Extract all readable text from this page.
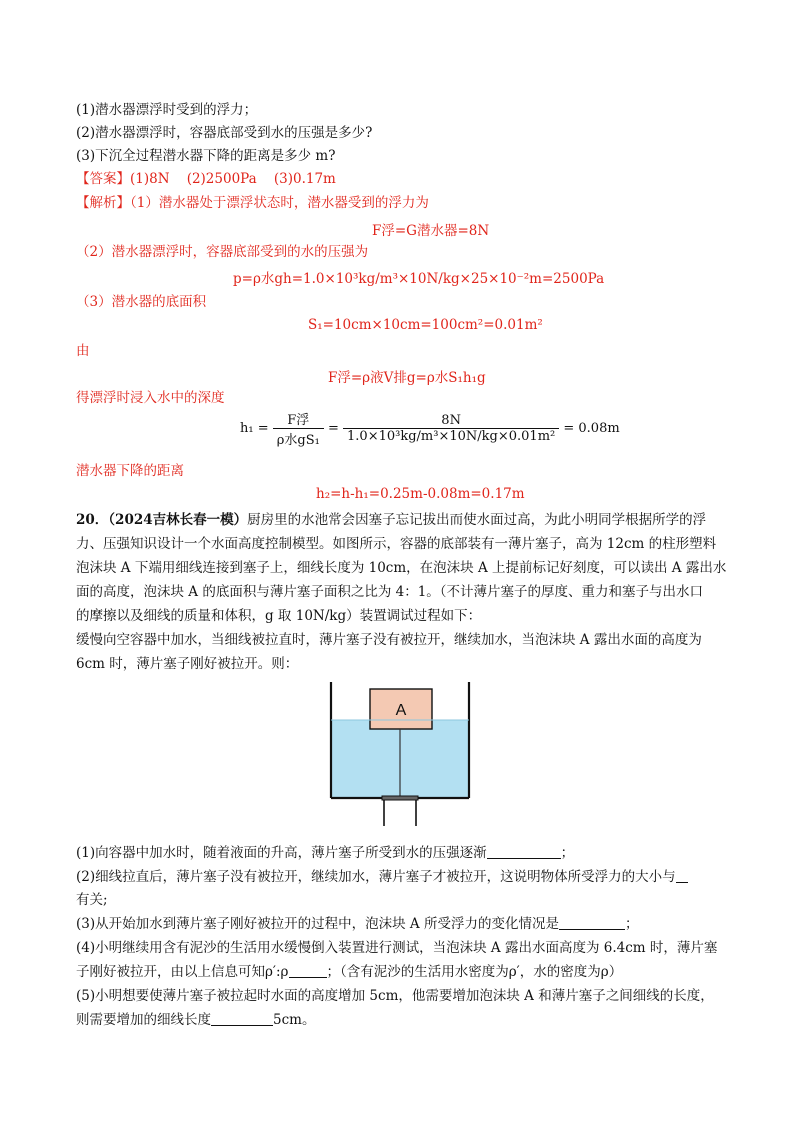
(1)潜水器漂浮时受到的浮力；
(2)潜水器漂浮时，容器底部受到水的压强是多少?
(3)下沉全过程潜水器下降的距离是多少 m?
【答案】(1)8N    (2)2500Pa    (3)0.17m
【解析】（1）潜水器处于漂浮状态时，潜水器受到的浮力为
F浮=G潜水器=8N
（2）潜水器漂浮时，容器底部受到的水的压强为
p=ρ水gh=1.0×10³kg/m³×10N/kg×25×10⁻²m=2500Pa
（3）潜水器的底面积
S₁=10cm×10cm=100cm²=0.01m²
由
F浮=ρ液V排g=ρ水S₁h₁g
得漂浮时浸入水中的深度
$h_1 = \frac{\text{F浮}}{\text{ρ水gS₁}} = \frac{8N}{\text{1.0×10³kg/m³×10N/kg×0.01m²}} = 0.08m$
潜水器下降的距离
h₂=h-h₁=0.25m-0.08m=0.17m
20．（2024吉林长春一模）厨房里的水池常会因塞子忘记拔出而使水面过高，为此小明同学根据所学的浮
力、压强知识设计一个水面高度控制模型。如图所示，容器的底部装有一薄片塞子，高为 12cm 的柱形塑料
泡沫块 A 下端用细线连接到塞子上，细线长度为 10cm，在泡沫块 A 上提前标记好刻度，可以读出 A 露出水
面的高度，泡沫块 A 的底面积与薄片塞子面积之比为 4：1。（不计薄片塞子的厚度、重力和塞子与出水口
的摩擦以及细线的质量和体积，g 取 10N/kg）装置调试过程如下：
缓慢向空容器中加水，当细线被拉直时，薄片塞子没有被拉开，继续加水，当泡沫块 A 露出水面的高度为
6cm 时，薄片塞子刚好被拉开。则：
A
(1)向容器中加水时，随着液面的升高，薄片塞子所受到水的压强逐渐	；
(2)细线拉直后，薄片塞子没有被拉开，继续加水，薄片塞子才被拉开，这说明物体所受浮力的大小与
有关;
(3)从开始加水到薄片塞子刚好被拉开的过程中，泡沫块 A 所受浮力的变化情况是	；
(4)小明继续用含有泥沙的生活用水缓慢倒入装置进行测试，当泡沫块 A 露出水面高度为 6.4cm 时，薄片塞
子刚好被拉开，由以上信息可知ρ′:ρ	；（含有泥沙的生活用水密度为ρ′，水的密度为ρ）
(5)小明想要使薄片塞子被拉起时水面的高度增加 5cm，他需要增加泡沫块 A 和薄片塞子之间细线的长度，
则需要增加的细线长度	5cm。
